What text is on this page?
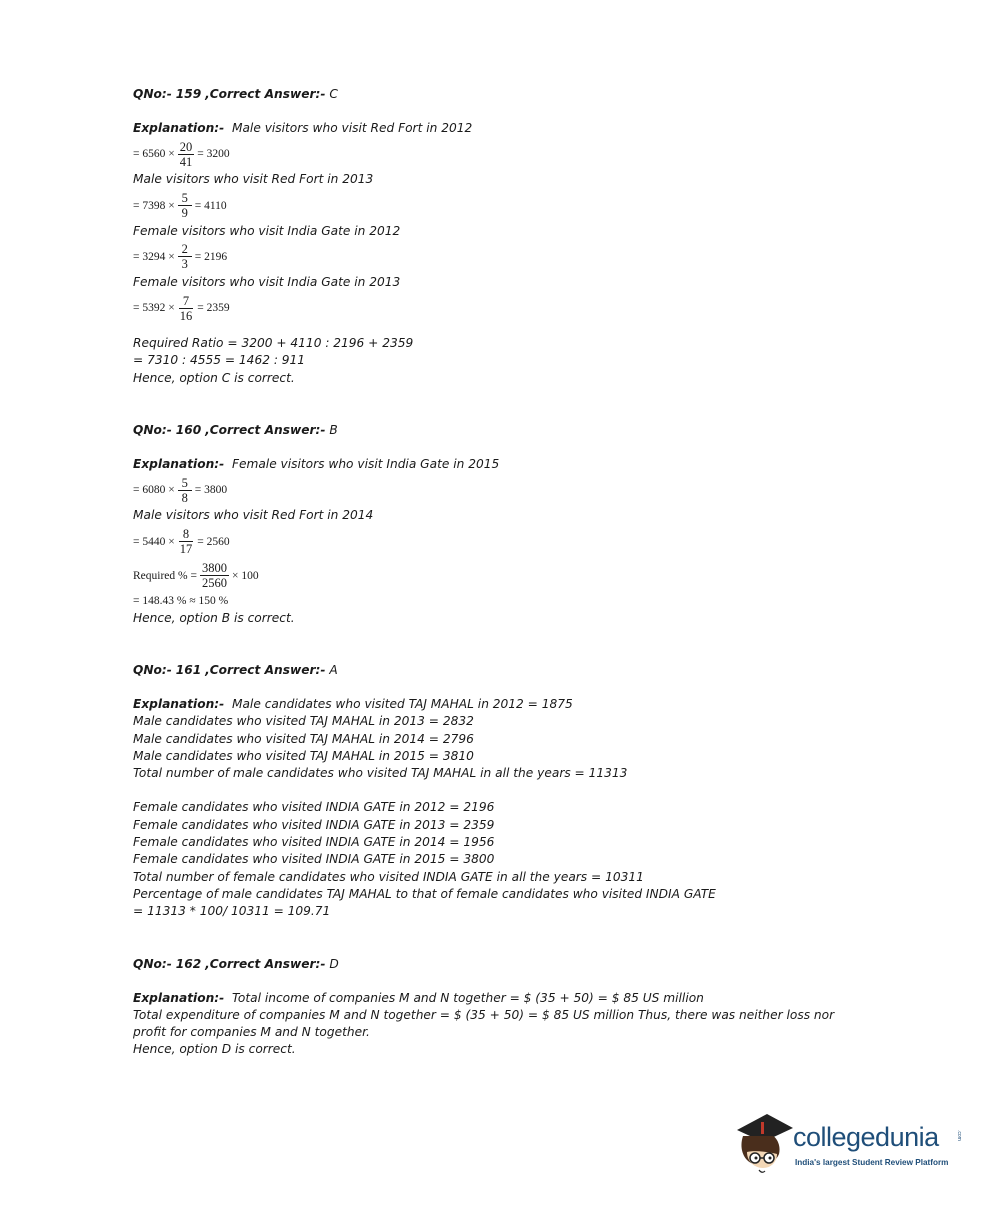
QNo:- 159 ,Correct Answer:- C
Explanation:- Male visitors who visit Red Fort in 2012
= $6560 \times \frac{20}{41} = 3200$
Male visitors who visit Red Fort in 2013
= $7398 \times \frac{5}{9} = 4110$
Female visitors who visit India Gate in 2012
= $3294 \times \frac{2}{3} = 2196$
Female visitors who visit India Gate in 2013
= $5392 \times \frac{7}{16} = 2359$
Required Ratio = 3200 + 4110 : 2196 + 2359
= 7310 : 4555 = 1462 : 911
Hence, option C is correct.
QNo:- 160 ,Correct Answer:- B
Explanation:- Female visitors who visit India Gate in 2015
= $6080 \times \frac{5}{8} = 3800$
Male visitors who visit Red Fort in 2014
= $5440 \times \frac{8}{17} = 2560$
Required % = $\frac{3800}{2560} \times 100$
= 148.43 % ≈ 150 %
Hence, option B is correct.
QNo:- 161 ,Correct Answer:- A
Explanation:- Male candidates who visited TAJ MAHAL in 2012 = 1875
Male candidates who visited TAJ MAHAL in 2013 = 2832
Male candidates who visited TAJ MAHAL in 2014 = 2796
Male candidates who visited TAJ MAHAL in 2015 = 3810
Total number of male candidates who visited TAJ MAHAL in all the years = 11313
Female candidates who visited INDIA GATE in 2012 = 2196
Female candidates who visited INDIA GATE in 2013 = 2359
Female candidates who visited INDIA GATE in 2014 = 1956
Female candidates who visited INDIA GATE in 2015 = 3800
Total number of female candidates who visited INDIA GATE in all the years = 10311
Percentage of male candidates TAJ MAHAL to that of female candidates who visited INDIA GATE
= 11313 * 100/ 10311 = 109.71
QNo:- 162 ,Correct Answer:- D
Explanation:- Total income of companies M and N together = $ (35 + 50) = $ 85 US million
Total expenditure of companies M and N together = $ (35 + 50) = $ 85 US million Thus, there was neither loss nor profit for companies M and N together.
Hence, option D is correct.
collegedunia	.com
India's largest Student Review Platform
